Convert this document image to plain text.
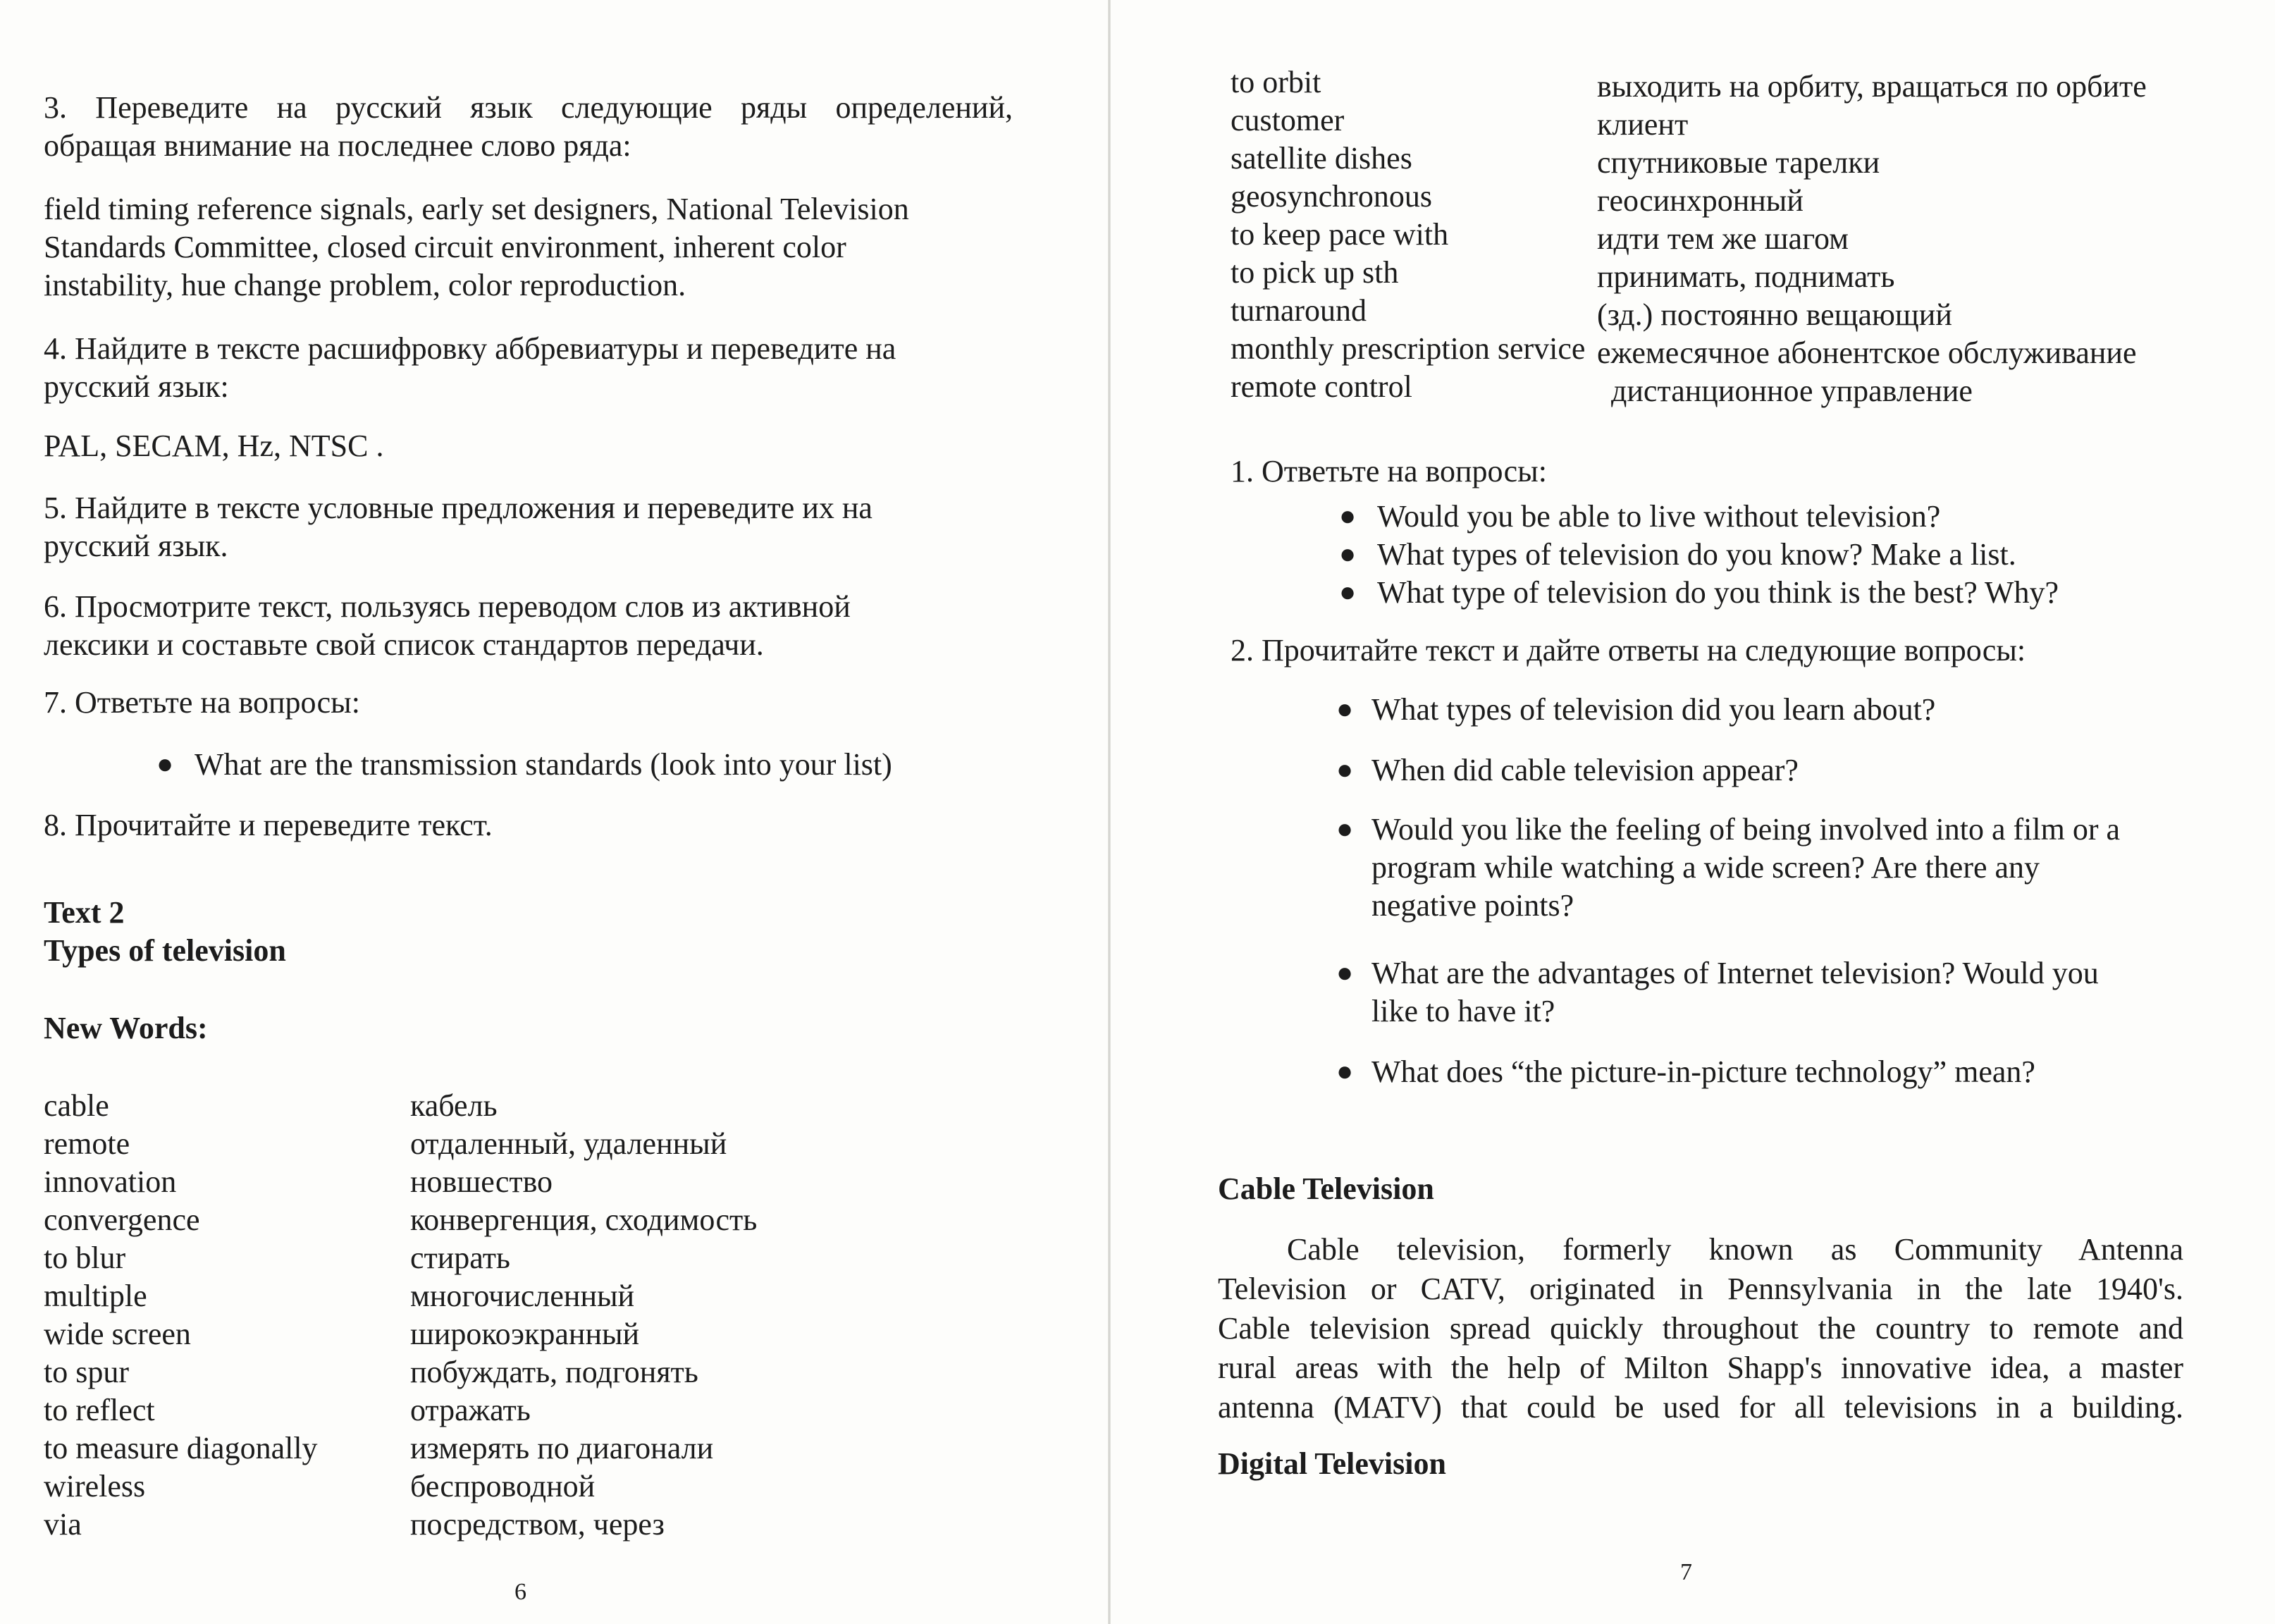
3. Переведите на русский язык следующие ряды определений,

обращая внимание на последнее слово ряда:

field timing reference signals, early set designers, National Television

Standards Committee, closed circuit environment, inherent color

instability, hue change problem, color reproduction.

4. Найдите в тексте расшифровку аббревиатуры и переведите на

русский язык:

PAL, SECAM, Hz, NTSC .

5. Найдите в тексте условные предложения и переведите их на

русский язык.

6. Просмотрите текст, пользуясь переводом слов из активной

лексики и составьте свой список стандартов передачи.

7. Ответьте на вопросы:

● What are the transmission standards (look into your list)

8. Прочитайте и переведите текст.

Text 2

Types of television

New Words:

cable	кабель
remote	отдаленный, удаленный
innovation	новшество
convergence	конвергенция, сходимость
to blur	стирать
multiple	многочисленный
wide screen	широкоэкранный
to spur	побуждать, подгонять
to reflect	отражать
to measure diagonally	измерять по диагонали
wireless	беспроводной
via	посредством, через
6
to orbit	выходить на орбиту, вращаться по орбите
customer	клиент
satellite dishes	спутниковые тарелки
geosynchronous	геосинхронный
to keep pace with	идти тем же шагом
to pick up sth	принимать, поднимать
turnaround	(зд.) постоянно вещающий
monthly prescription service ежемесячное абонентское обслуживание
remote control	дистанционное управление

1. Ответьте на вопросы:

● Would you be able to live without television?
● What types of television do you know? Make a list.
● What type of television do you think is the best? Why?

2. Прочитайте текст и дайте ответы на следующие вопросы:

● What types of television did you learn about?
● When did cable television appear?
● Would you like the feeling of being involved into a film or a
program while watching a wide screen? Are there any
negative points?
● What are the advantages of Internet television? Would you
like to have it?
● What does “the picture-in-picture technology” mean?

Cable Television

Cable television, formerly known as Community Antenna

Television or CATV, originated in Pennsylvania in the late 1940's.

Cable television spread quickly throughout the country to remote and

rural areas with the help of Milton Shapp's innovative idea, a master

antenna (MATV) that could be used for all televisions in a building.

Digital Television

7
